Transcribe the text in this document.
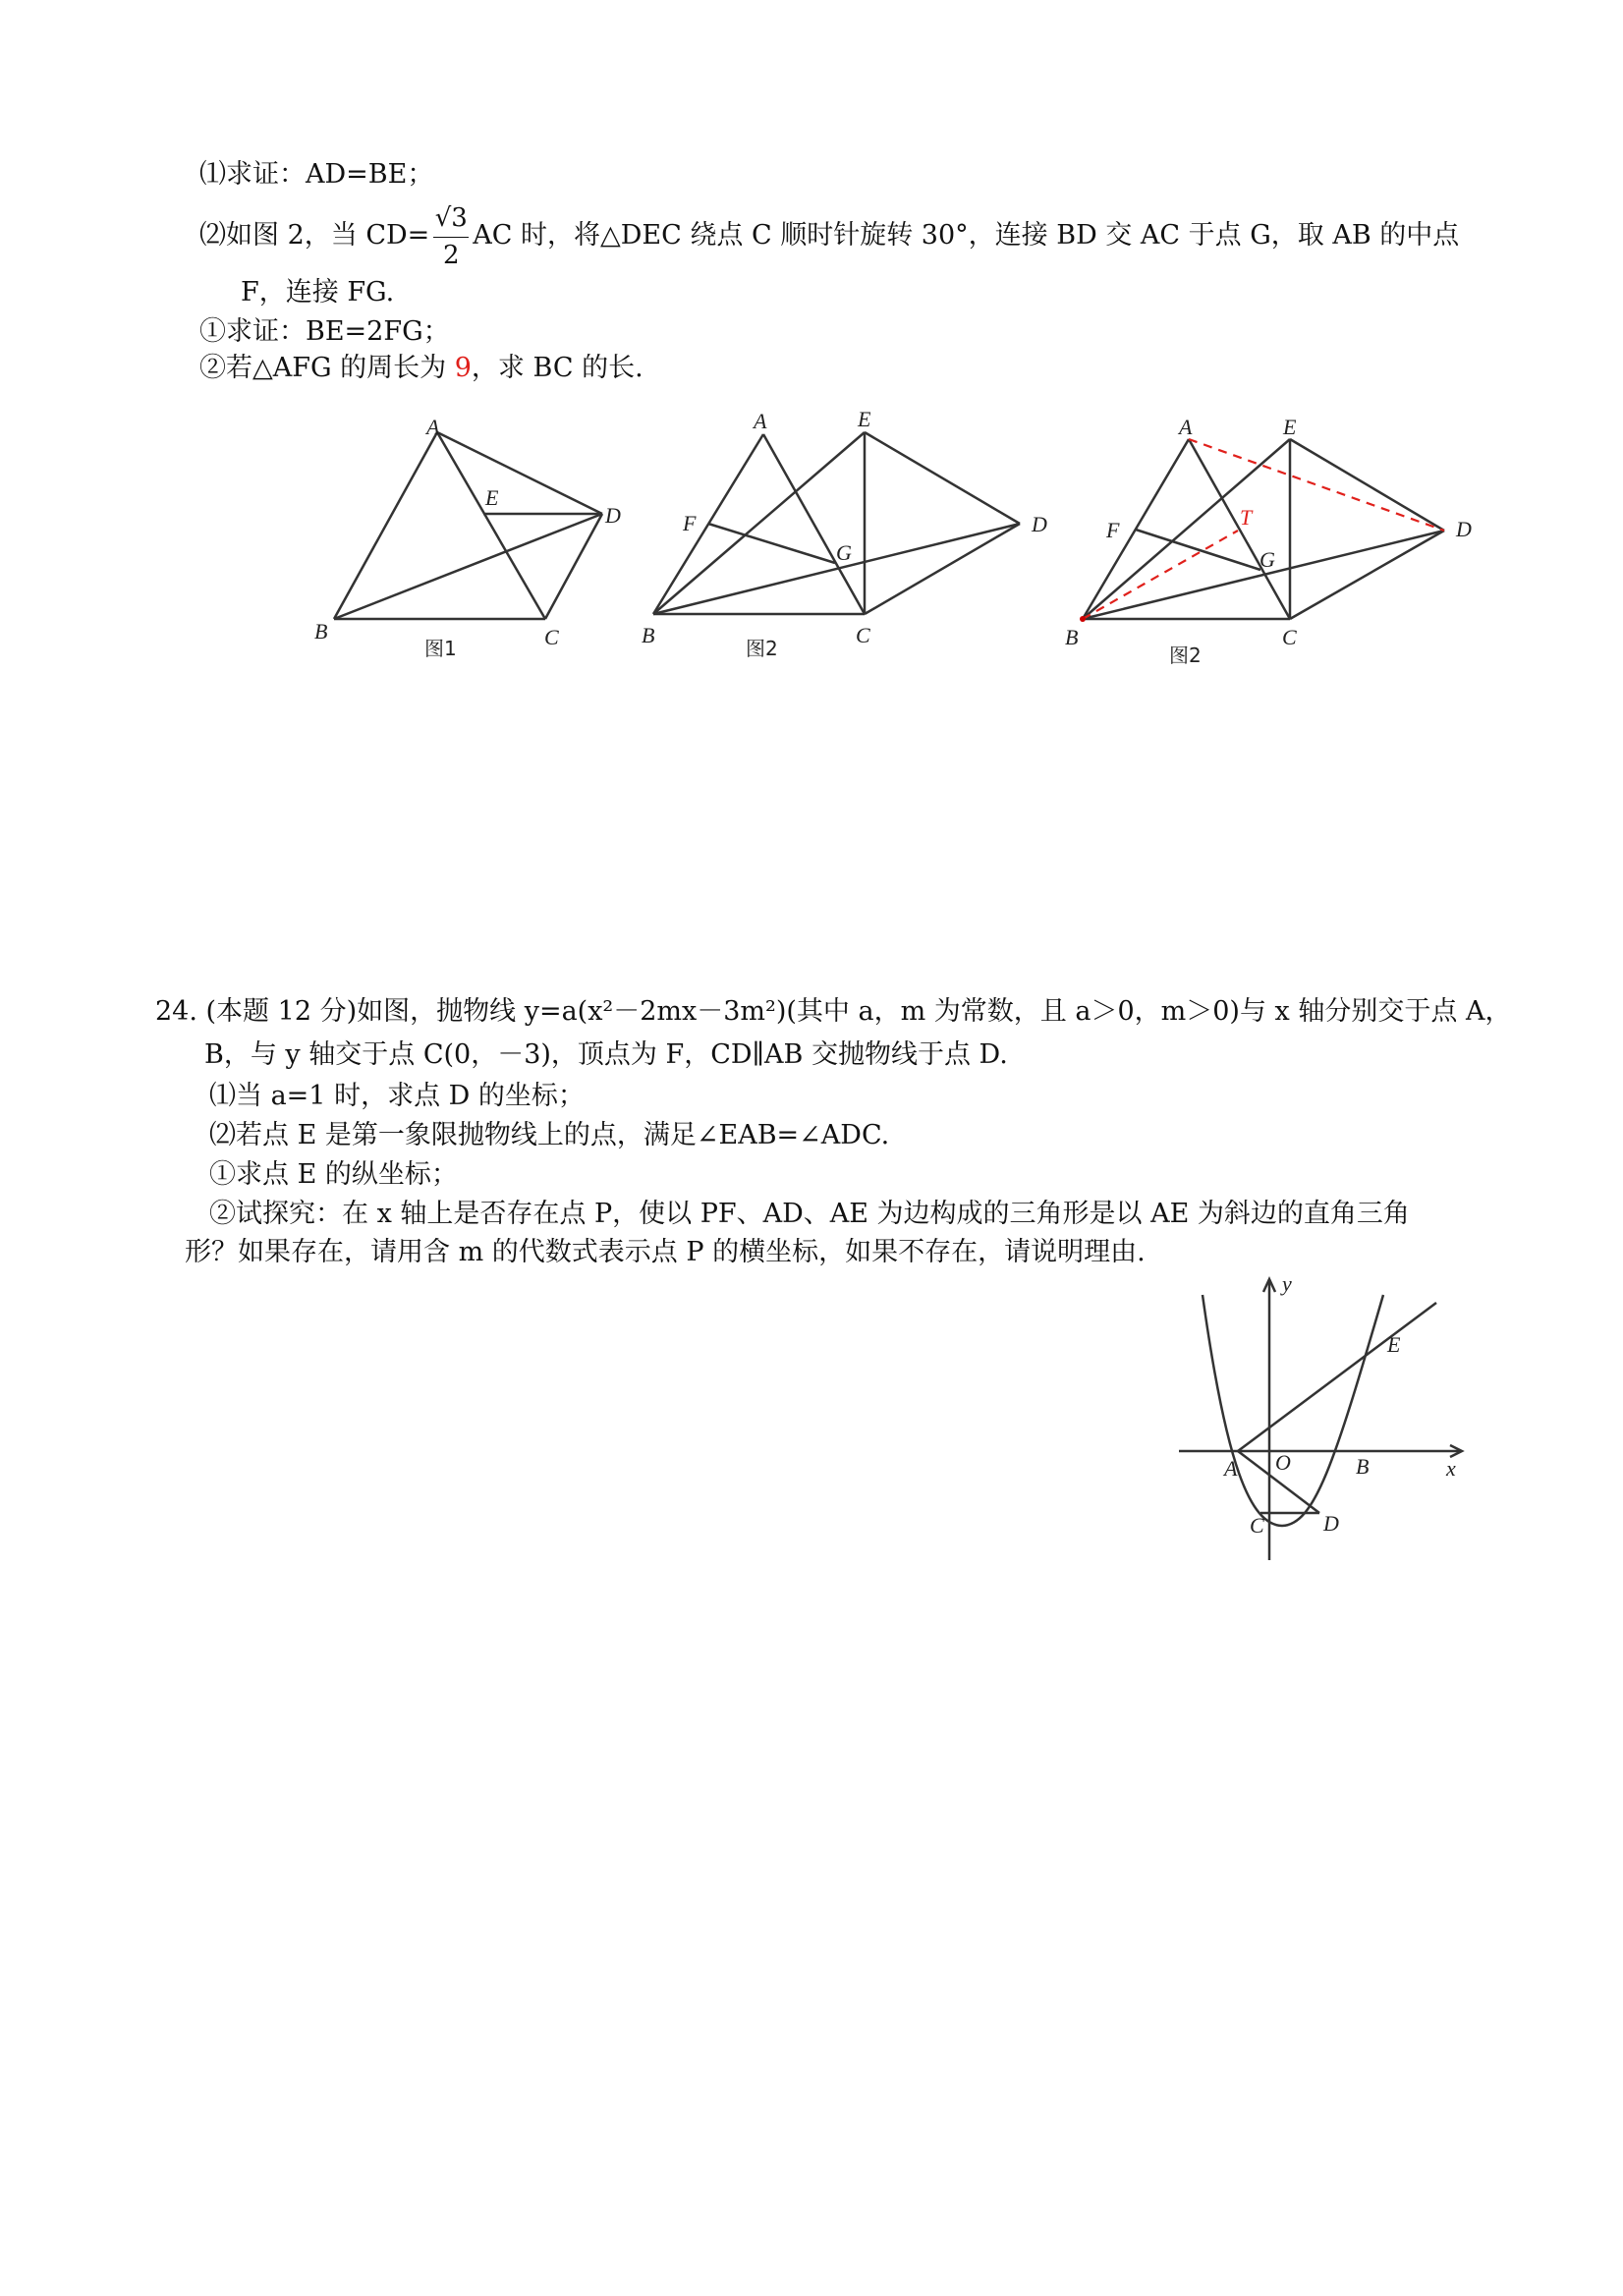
⑴求证：AD=BE；
⑵如图 2，当 $CD= \frac{√3}{2}$ AC 时，将△DEC 绕点 C 顺时针旋转 30°，连接 BD 交 AC 于点 G，取 AB 的中点
F，连接 FG.
①求证：BE=2FG；
②若△AFG 的周长为 9，求 BC 的长.
A
B	C
D
E
图1
A
B	C
D
E
F
G
图2
A
B	C
D
E
F
G
T
图2
24. (本题 12 分)如图，抛物线 y=a(x²－2mx－3m²)(其中 a，m 为常数，且 a＞0，m＞0)与 x 轴分别交于点 A，
B，与 y 轴交于点 C(0，－3)，顶点为 F，CD∥AB 交抛物线于点 D.
⑴当 a=1 时，求点 D 的坐标；
⑵若点 E 是第一象限抛物线上的点，满足∠EAB=∠ADC.
①求点 E 的纵坐标；
②试探究：在 x 轴上是否存在点 P，使以 PF、AD、AE 为边构成的三角形是以 AE 为斜边的直角三角
形？如果存在，请用含 m 的代数式表示点 P 的横坐标，如果不存在，请说明理由.
y
x
O
A	B
C	D
E
